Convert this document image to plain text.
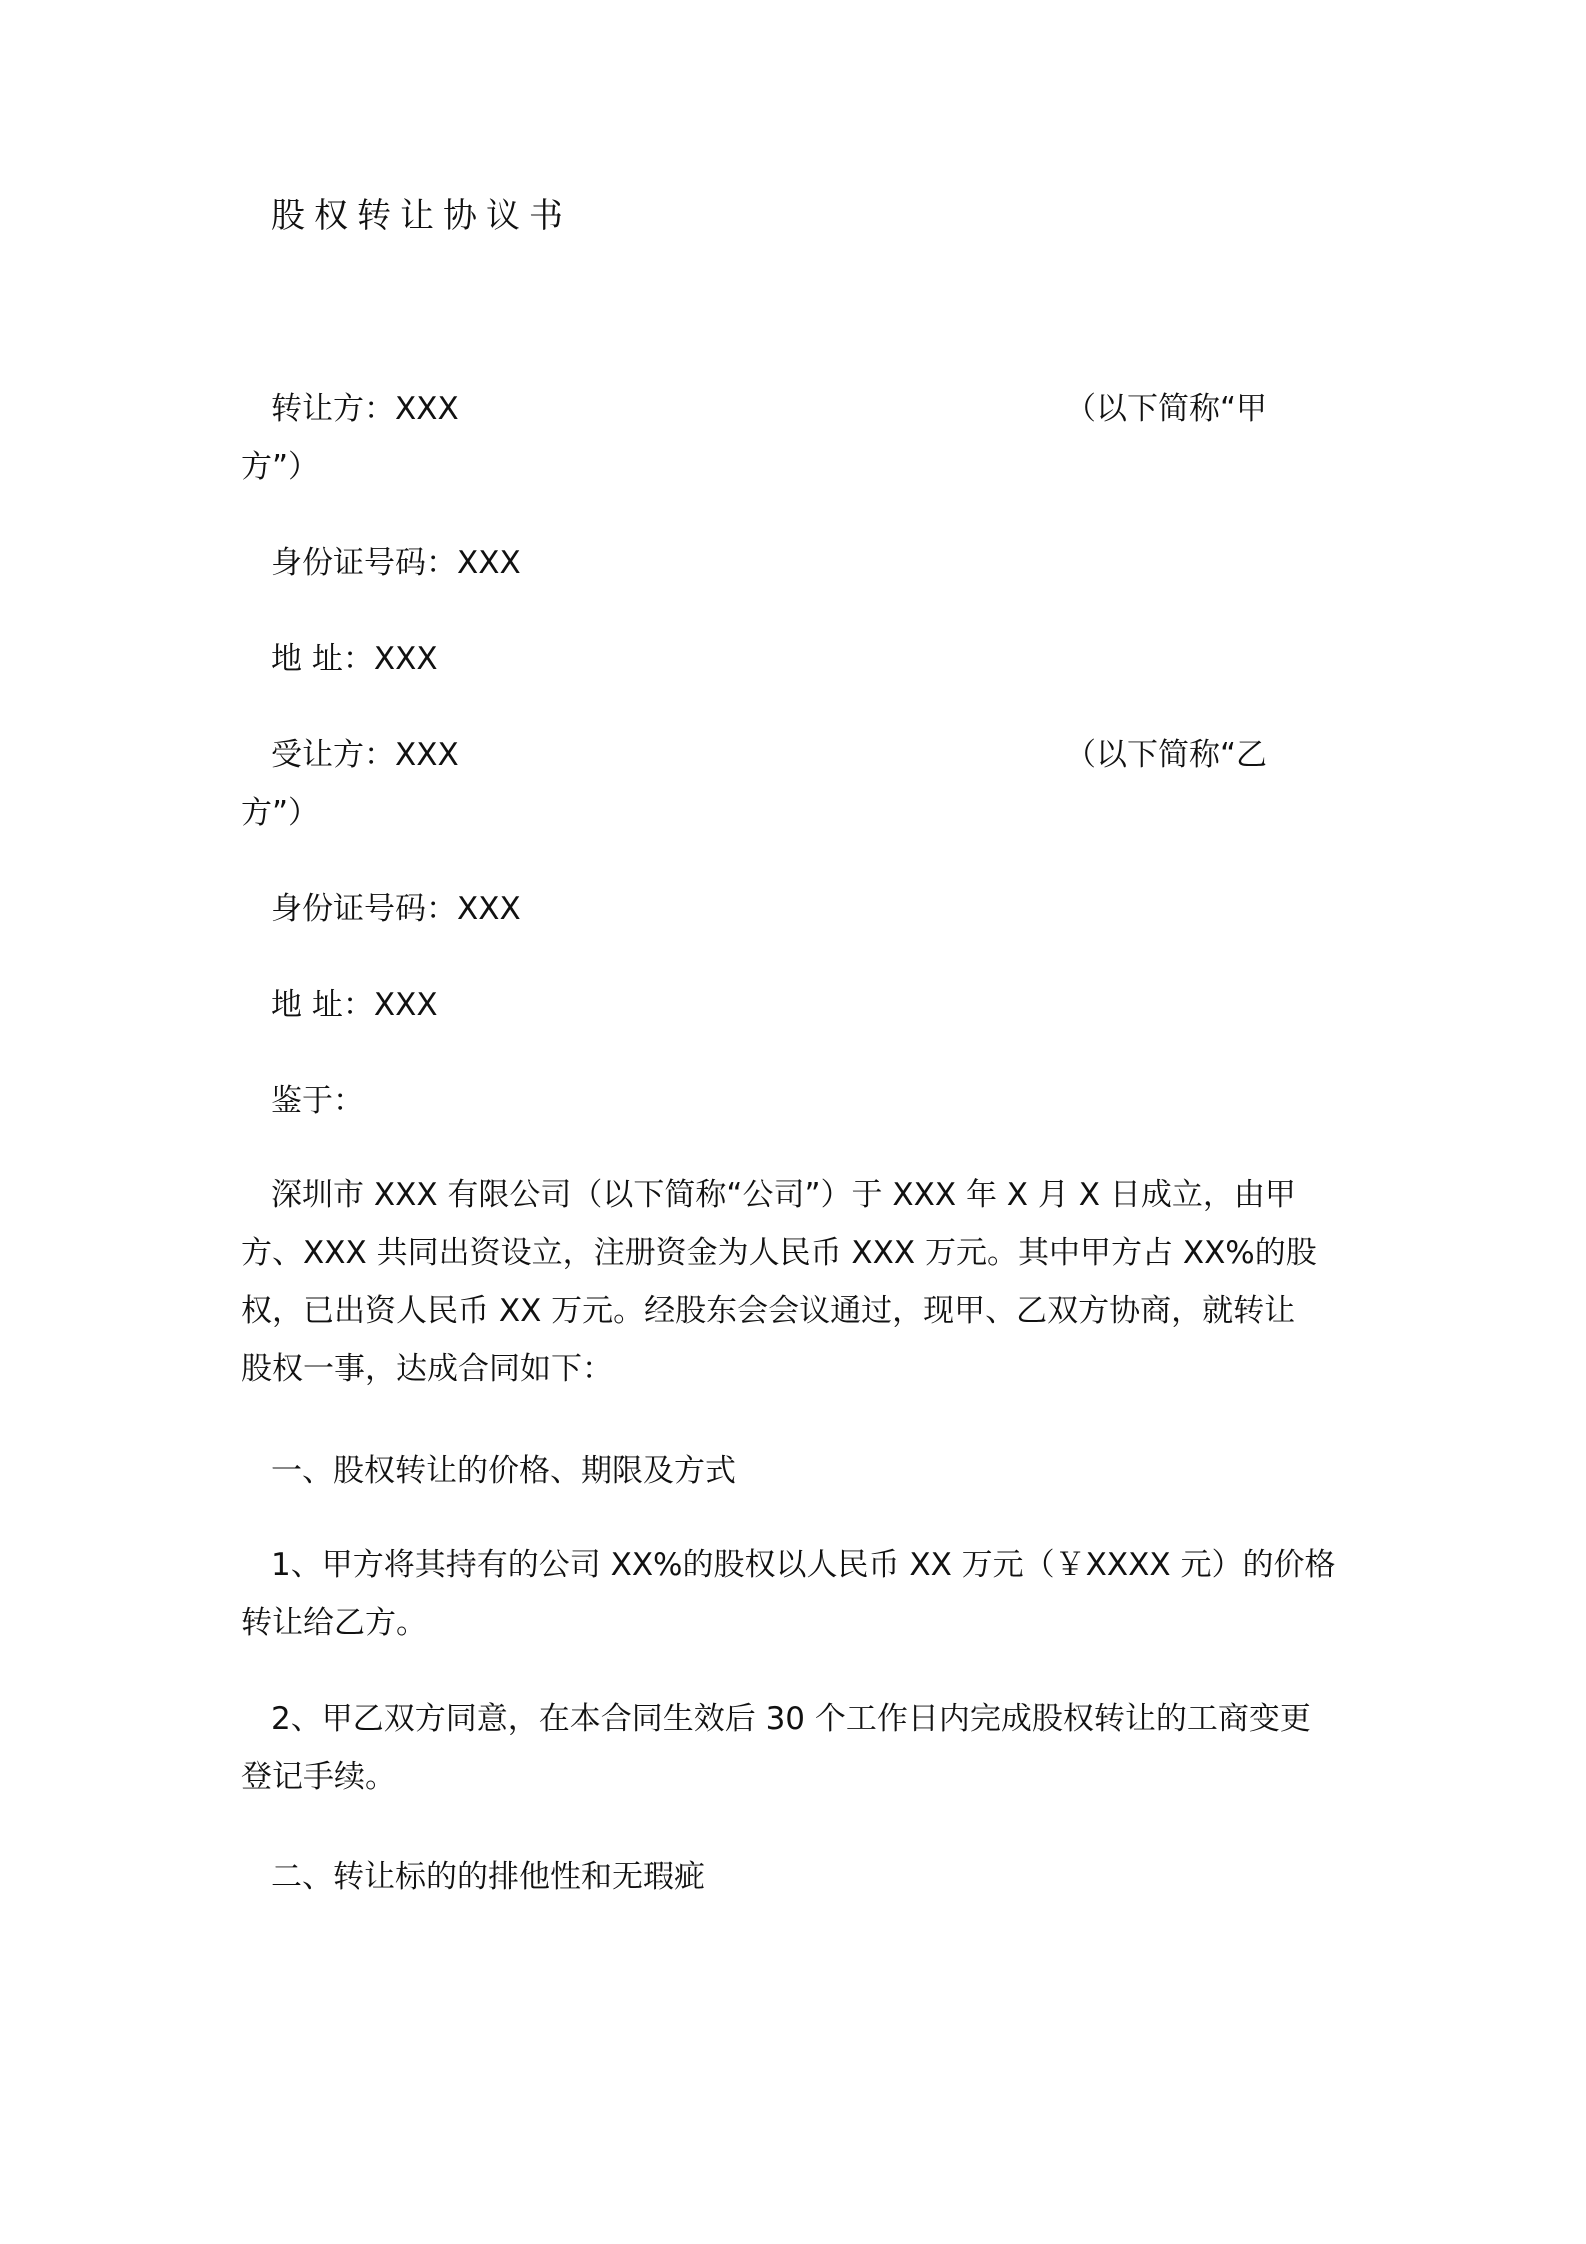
股权转让协议书
转让方：XXX	（以下简称“甲
方”）
身份证号码：XXX
地 址：XXX
受让方：XXX	（以下简称“乙
方”）
身份证号码：XXX
地 址：XXX
鉴于：
深圳市 XXX 有限公司（以下简称“公司”）于 XXX 年 X 月 X 日成立，由甲
方、XXX 共同出资设立，注册资金为人民币 XXX 万元。其中甲方占 XX%的股
权，已出资人民币 XX 万元。经股东会会议通过，现甲、乙双方协商，就转让
股权一事，达成合同如下：
一、股权转让的价格、期限及方式
1、甲方将其持有的公司 XX%的股权以人民币 XX 万元（￥XXXX 元）的价格
转让给乙方。
2、甲乙双方同意，在本合同生效后 30 个工作日内完成股权转让的工商变更
登记手续。
二、转让标的的排他性和无瑕疵
